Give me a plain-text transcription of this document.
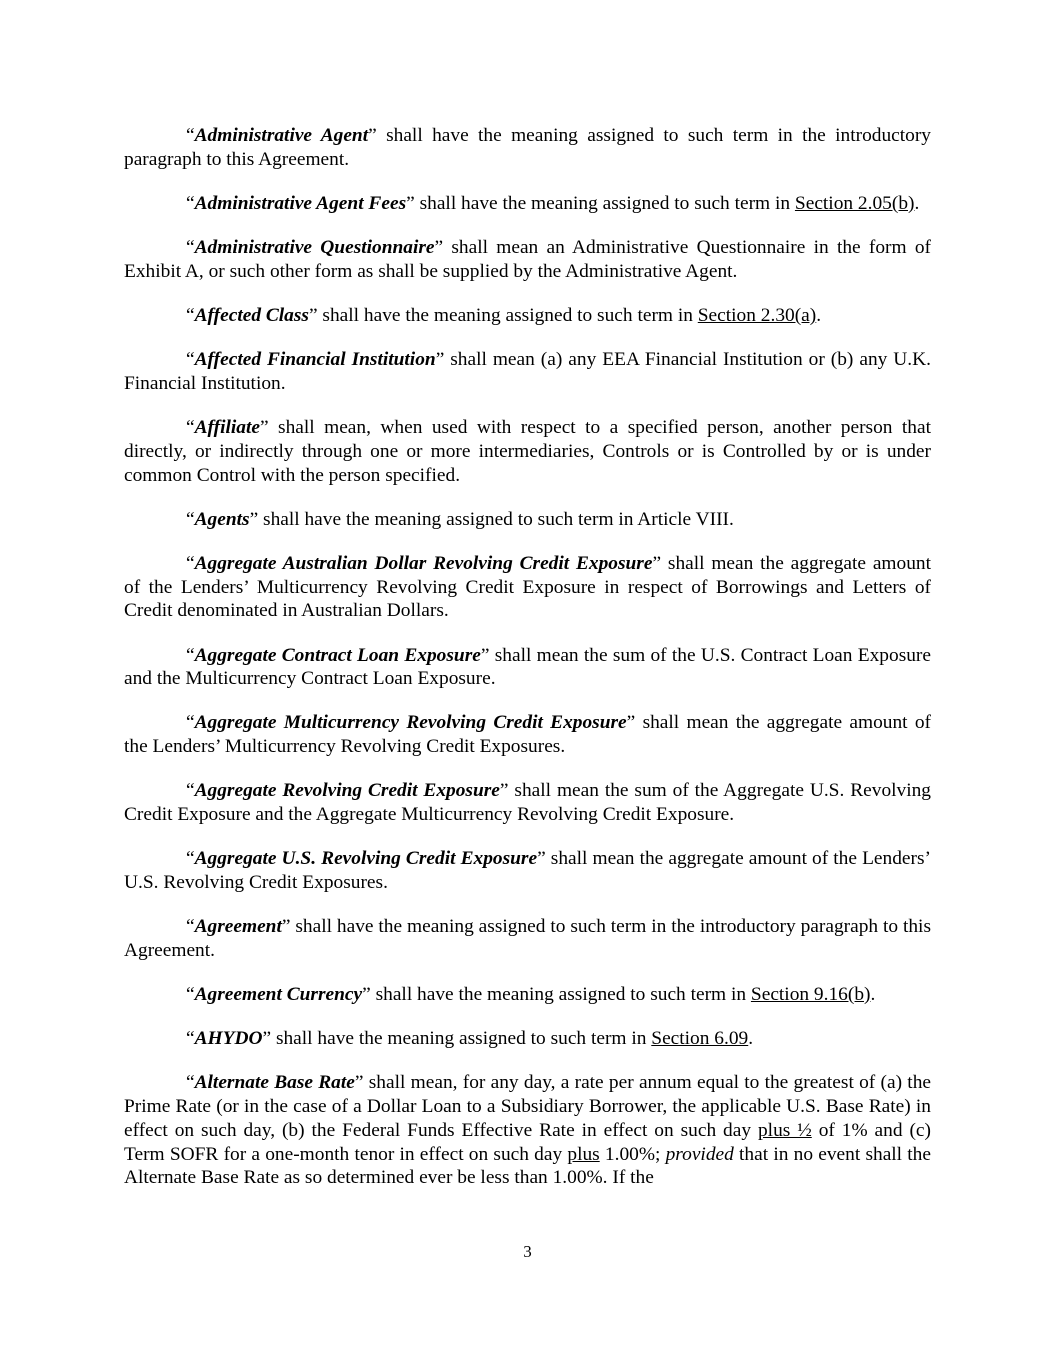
“Administrative Agent” shall have the meaning assigned to such term in the introductory paragraph to this Agreement.

“Administrative Agent Fees” shall have the meaning assigned to such term in Section 2.05(b).

“Administrative Questionnaire” shall mean an Administrative Questionnaire in the form of Exhibit A, or such other form as shall be supplied by the Administrative Agent.

“Affected Class” shall have the meaning assigned to such term in Section 2.30(a).

“Affected Financial Institution” shall mean (a) any EEA Financial Institution or (b) any U.K. Financial Institution.

“Affiliate” shall mean, when used with respect to a specified person, another person that directly, or indirectly through one or more intermediaries, Controls or is Controlled by or is under common Control with the person specified.

“Agents” shall have the meaning assigned to such term in Article VIII.

“Aggregate Australian Dollar Revolving Credit Exposure” shall mean the aggregate amount of the Lenders’ Multicurrency Revolving Credit Exposure in respect of Borrowings and Letters of Credit denominated in Australian Dollars.

“Aggregate Contract Loan Exposure” shall mean the sum of the U.S. Contract Loan Exposure and the Multicurrency Contract Loan Exposure.

“Aggregate Multicurrency Revolving Credit Exposure” shall mean the aggregate amount of the Lenders’ Multicurrency Revolving Credit Exposures.

“Aggregate Revolving Credit Exposure” shall mean the sum of the Aggregate U.S. Revolving Credit Exposure and the Aggregate Multicurrency Revolving Credit Exposure.

“Aggregate U.S. Revolving Credit Exposure” shall mean the aggregate amount of the Lenders’ U.S. Revolving Credit Exposures.

“Agreement” shall have the meaning assigned to such term in the introductory paragraph to this Agreement.

“Agreement Currency” shall have the meaning assigned to such term in Section 9.16(b).

“AHYDO” shall have the meaning assigned to such term in Section 6.09.

“Alternate Base Rate” shall mean, for any day, a rate per annum equal to the greatest of (a) the Prime Rate (or in the case of a Dollar Loan to a Subsidiary Borrower, the applicable U.S. Base Rate) in effect on such day, (b) the Federal Funds Effective Rate in effect on such day plus ½ of 1% and (c) Term SOFR for a one-month tenor in effect on such day plus 1.00%; provided that in no event shall the Alternate Base Rate as so determined ever be less than 1.00%. If the

3
